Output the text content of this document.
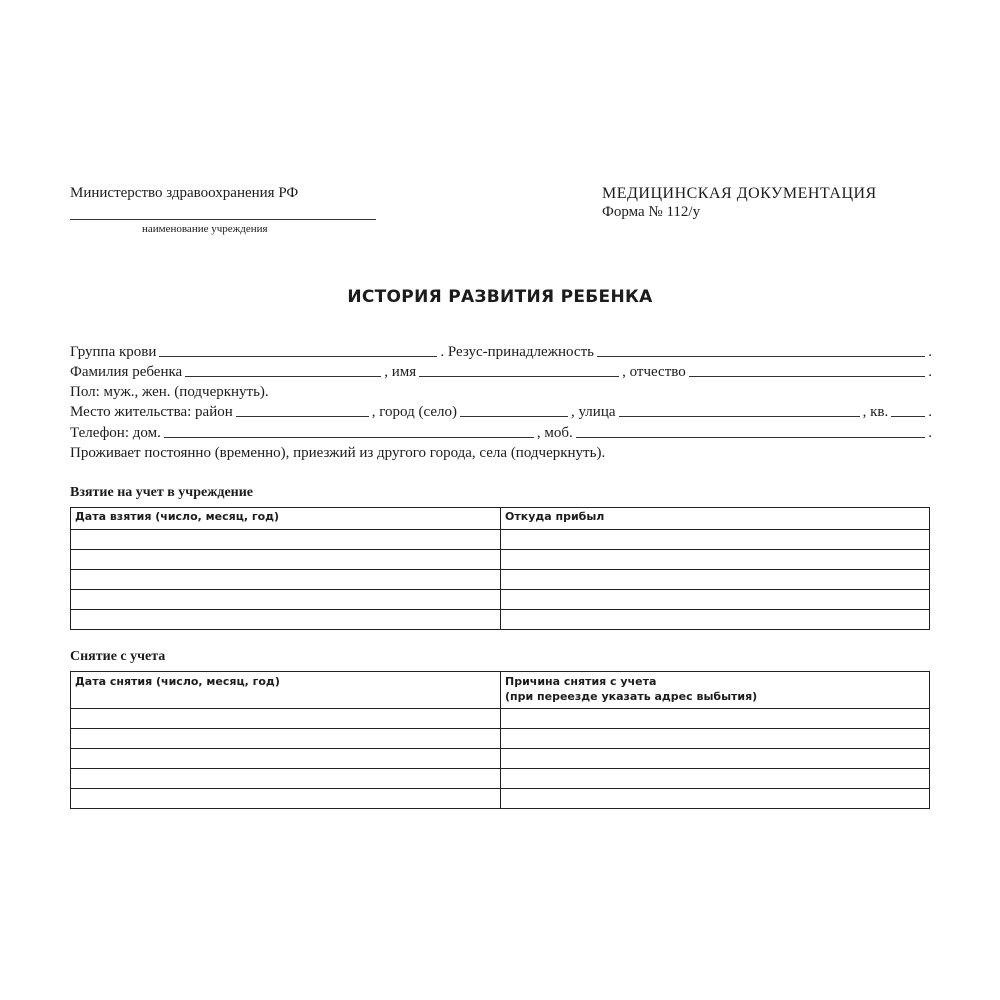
Министерство здравоохранения РФ
наименование учреждения
МЕДИЦИНСКАЯ ДОКУМЕНТАЦИЯ
Форма № 112/у
ИСТОРИЯ РАЗВИТИЯ РЕБЕНКА
Группа крови	. Резус-принадлежность	.
Фамилия ребенка	, имя	, отчество	.
Пол: муж., жен. (подчеркнуть).
Место жительства: район	, город (село)	, улица	, кв.	.
Телефон: дом.	, моб.	.
Проживает постоянно (временно), приезжий из другого города, села (подчеркнуть).
Взятие на учет в учреждение
Дата взятия (число, месяц, год)	Откуда прибыл

Снятие с учета
Дата снятия (число, месяц, год)	Причина снятия с учета
(при переезде указать адрес выбытия)
